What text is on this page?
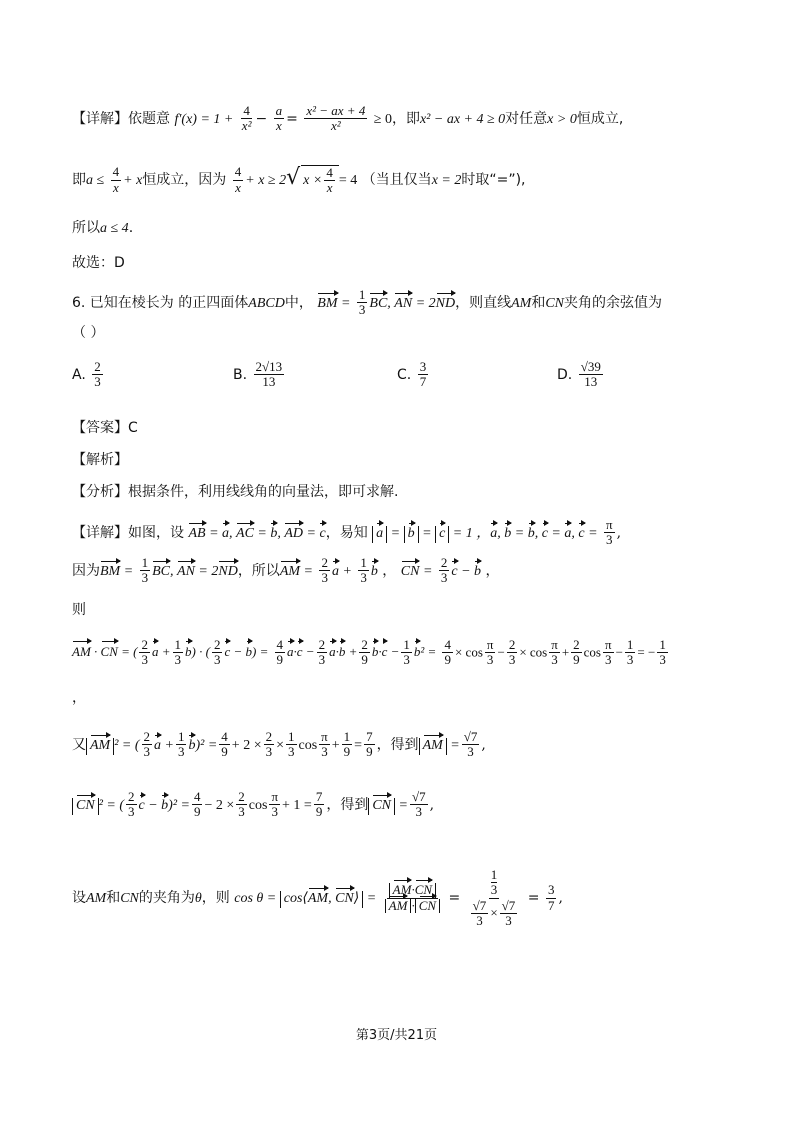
【详解】依题意 $f'(x) = 1 + \frac{4}{\text{x²}} - \frac{a}{x} = \frac{\text{x² − ax + 4}}{\text{x²}} \ge 0$，即x² − ax + 4 ≥ 0对任意x > 0恒成立,
即$a \le \frac{4}{x} + x$恒成立，因为 $\frac{4}{x} + x \ge 2√$ $x \times \frac{4}{x} = 4$ （当且仅当x = 2时取“=”),
所以a ≤ 4.
故选：D
6. 已知在棱长为 的正四面体ABCD中， BM = $\frac{1}{3}$ BC, AN = 2ND，则直线AM和CN夹角的余弦值为
（ ）
A. $\frac{2}{3}$	B. $\frac{2√13}{13}$	C. $\frac{3}{7}$	D. $\frac{√39}{13}$
【答案】C
【解析】
【分析】根据条件，利用线线角的向量法，即可求解.
【详解】如图，设 AB = a, AC = b, AD = c，易知 a = b = c = 1 ，a, b = b, c = a, $c = \frac{\pi}{3}$ ,
因为BM = $\frac{1}{3}$ BC, AN = 2ND，所以AM = $\frac{2}{3}$ $a + \frac{1}{3}$ b ， CN = $\frac{2}{3}$ c − b ，
则
AM · CN = ( $\frac{2}{3}$ $a + \frac{1}{3} b$) · ( $\frac{2}{3}$ $c - b) = \frac{4}{9} a\cdot c - \frac{2}{3} a\cdot b + \frac{2}{9} b\cdot c - \frac{1}{3} b^2 = \frac{4}{9} \times \cos \frac{\pi}{3} - \frac{2}{3} \times \cos \frac{\pi}{3} + \frac{2}{9}$ $\cos \frac{\pi}{3} - \frac{1}{3}$ = − $\frac{1}{3}$
，
又 AM ² = ( $\frac{2}{3}$ $a + \frac{1}{3} b)^2 = \frac{4}{9} + 2 \times \frac{2}{3} \times \frac{1}{3}$ $\cos \frac{\pi}{3} + \frac{1}{9} = \frac{7}{9}$ ，得到 AM = $\frac{√7}{3}$ ,
CN ² = ( $\frac{2}{3}$ $c - b)^2 = \frac{4}{9} - 2 \times \frac{2}{3}$ $\cos \frac{\pi}{3} + 1 = \frac{7}{9}$ ，得到 CN = $\frac{√7}{3}$ ,
设AM和CN的夹角为θ，则 cos θ = cos⟨AM, CN⟩ = $\frac{AM\cdot CN}{AM \cdot CN} = 1$
3
$\frac{√7}{3} \times \frac{√7}{3} = \frac{3}{7}$ ,
第3页/共21页
